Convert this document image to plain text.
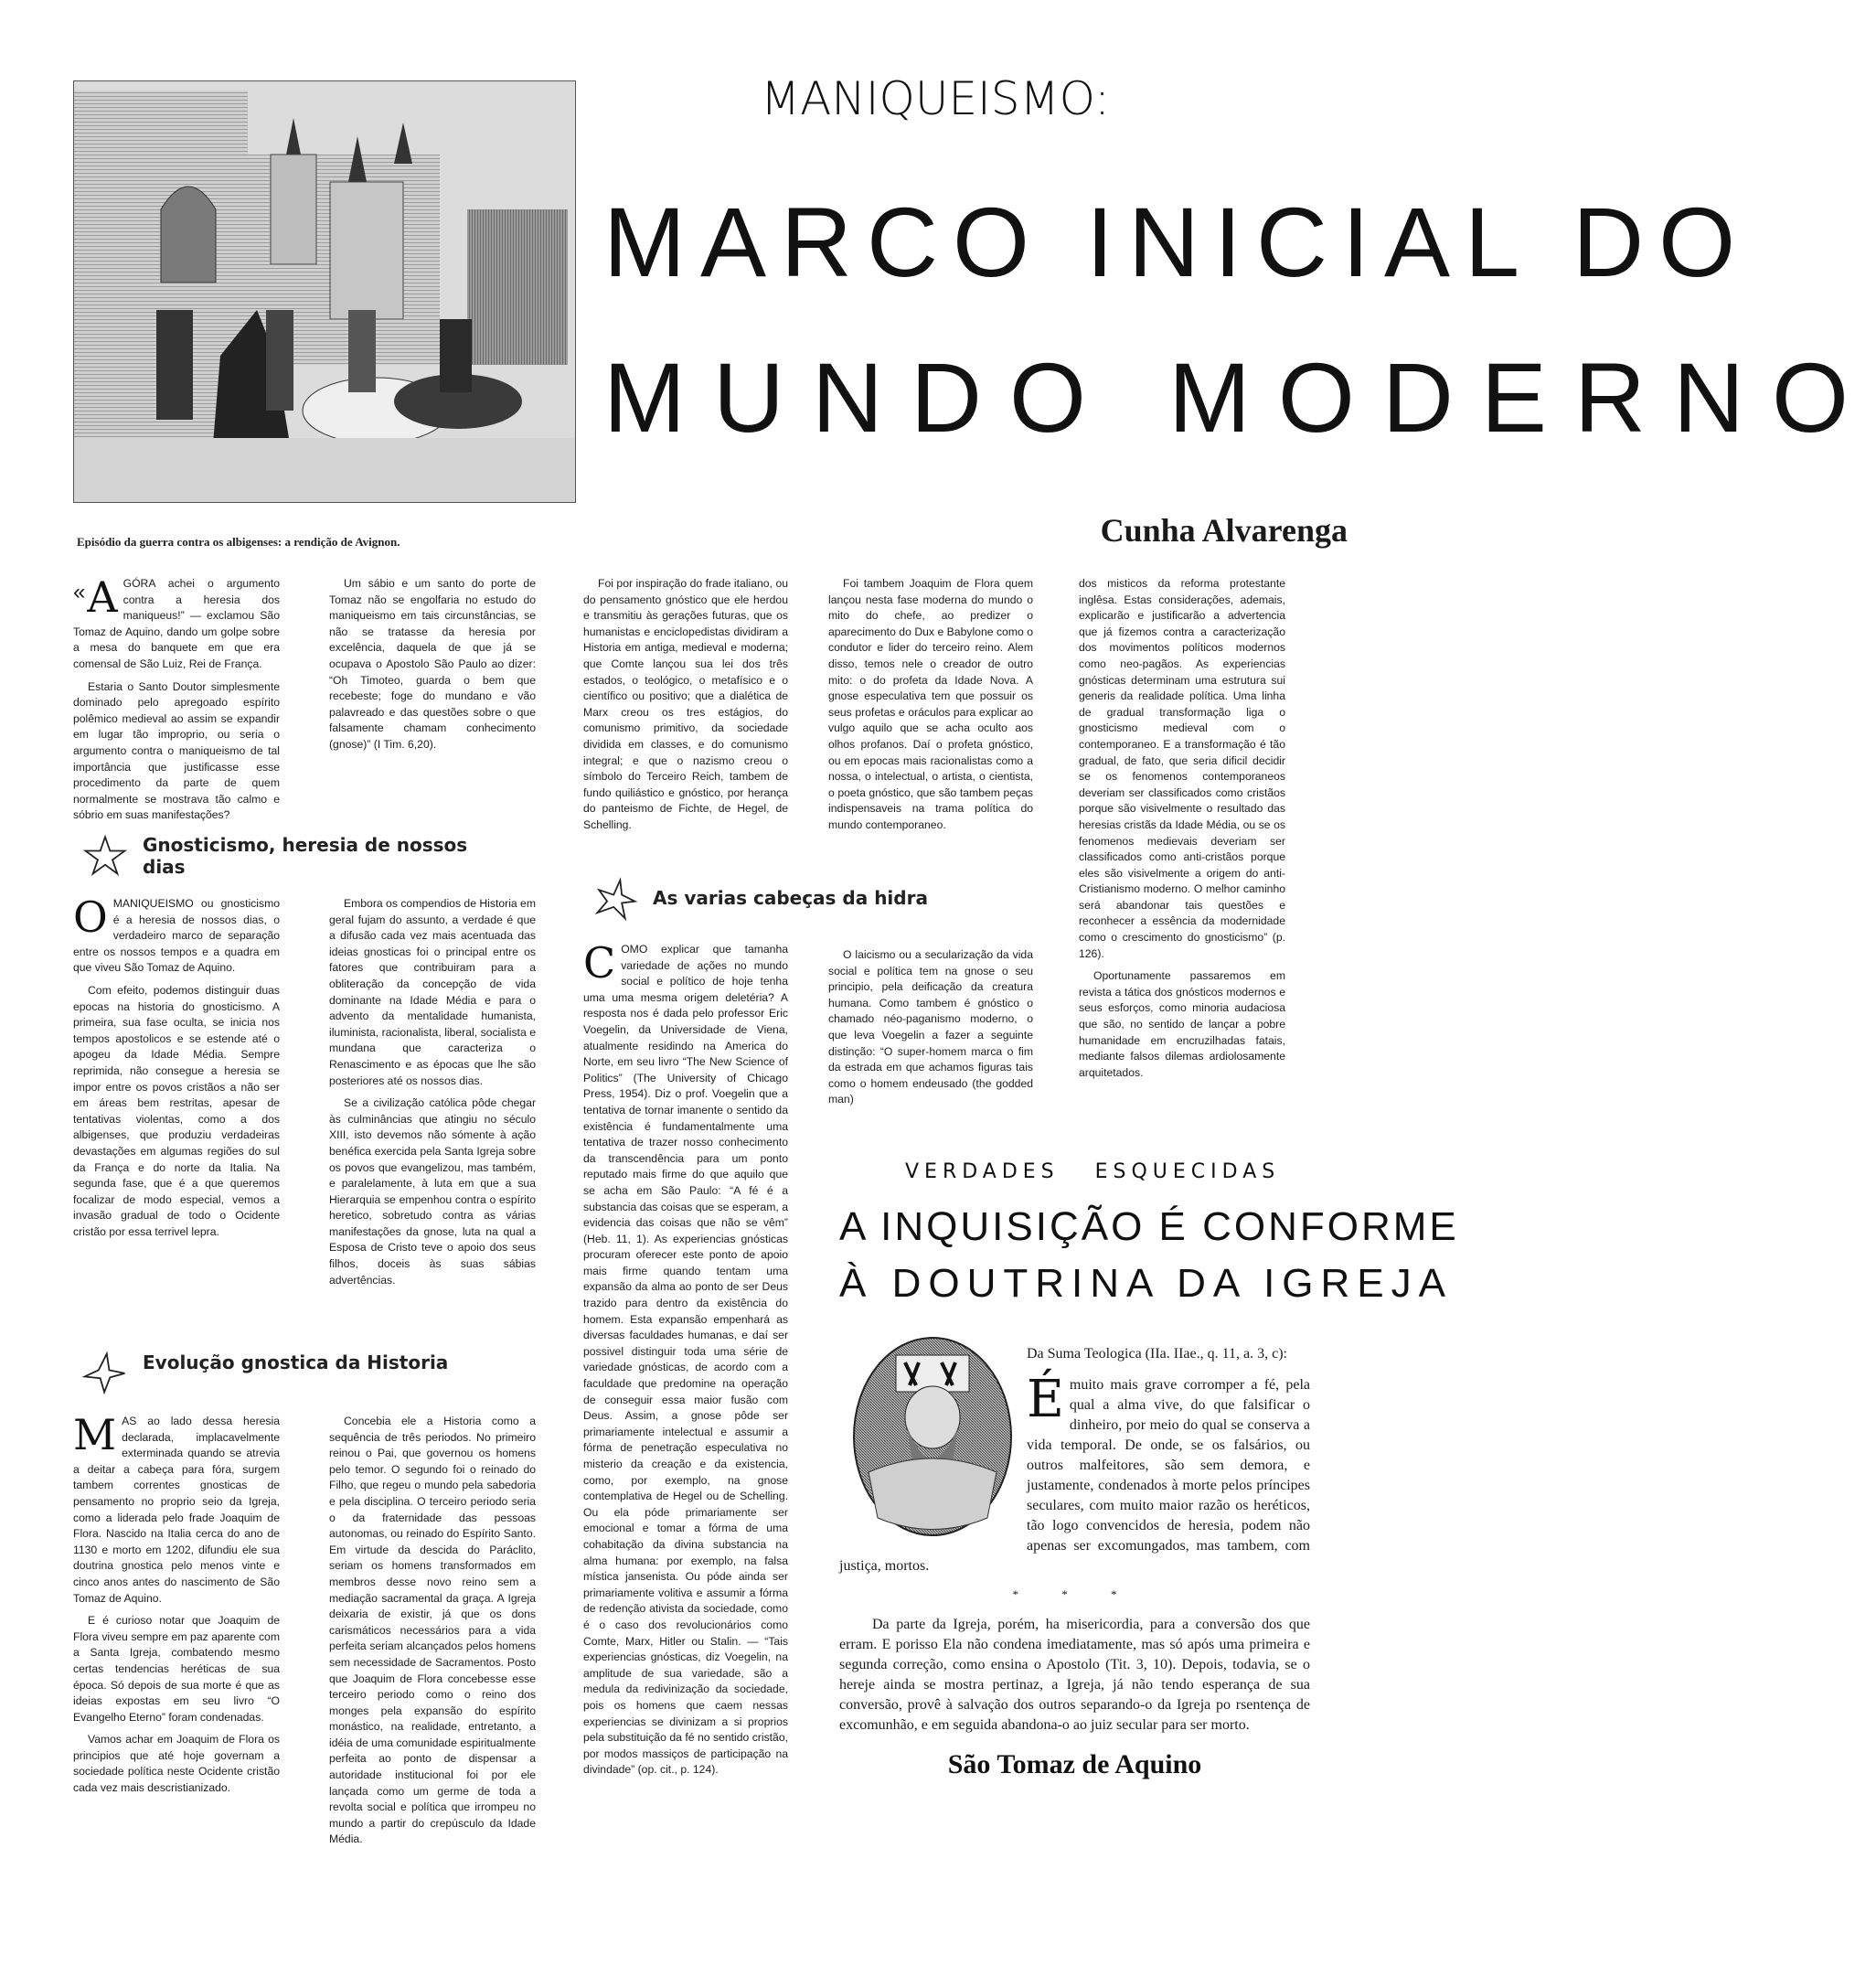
Episódio da guerra contra os albigenses: a rendição de Avignon.
MANIQUEISMO:
MARCO INICIAL DO
MUNDO MODERNO
Cunha Alvarenga

« A GÓRA achei o argumento contra a heresia dos maniqueus!” — exclamou São Tomaz de Aquino, dando um golpe sobre a mesa do banquete em que era comensal de São Luiz, Rei de França.

Estaria o Santo Doutor simplesmente dominado pelo apregoado espírito polêmico medieval ao assim se expandir em lugar tão improprio, ou seria o argumento contra o maniqueismo de tal importância que justificasse esse procedimento da parte de quem normalmente se mostrava tão calmo e sóbrio em suas manifestações?

Um sábio e um santo do porte de Tomaz não se engolfaria no estudo do maniqueismo em tais circunstâncias, se não se tratasse da heresia por excelência, daquela de que já se ocupava o Apostolo São Paulo ao dizer: “Oh Timoteo, guarda o bem que recebeste; foge do mundano e vão palavreado e das questões sobre o que falsamente chamam conhecimento (gnose)” (I Tim. 6,20).

Gnosticismo, heresia de nossos dias

OMANIQUEISMO ou gnosticismo é a heresia de nossos dias, o verdadeiro marco de separação entre os nossos tempos e a quadra em que viveu São Tomaz de Aquino.

Com efeito, podemos distinguir duas epocas na historia do gnosticismo. A primeira, sua fase oculta, se inicia nos tempos apostolicos e se estende até o apogeu da Idade Média. Sempre reprimida, não consegue a heresia se impor entre os povos cristãos a não ser em áreas bem restritas, apesar de tentativas violentas, como a dos albigenses, que produziu verdadeiras devastações em algumas regiões do sul da França e do norte da Italia. Na segunda fase, que é a que queremos focalizar de modo especial, vemos a invasão gradual de todo o Ocidente cristão por essa terrivel lepra.

Embora os compendios de Historia em geral fujam do assunto, a verdade é que a difusão cada vez mais acentuada das ideias gnosticas foi o principal entre os fatores que contribuiram para a obliteração da concepção de vida dominante na Idade Média e para o advento da mentalidade humanista, iluminista, racionalista, liberal, socialista e mundana que caracteriza o Renascimento e as épocas que lhe são posteriores até os nossos dias.

Se a civilização católica pôde chegar às culminâncias que atingiu no século XIII, isto devemos não sómente à ação benéfica exercida pela Santa Igreja sobre os povos que evangelizou, mas também, e paralelamente, à luta em que a sua Hierarquia se empenhou contra o espírito heretico, sobretudo contra as várias manifestações da gnose, luta na qual a Esposa de Cristo teve o apoio dos seus filhos, doceis às suas sábias advertências.

Evolução gnostica da Historia

MAS ao lado dessa heresia declarada, implacavelmente exterminada quando se atrevia a deitar a cabeça para fóra, surgem tambem correntes gnosticas de pensamento no proprio seio da Igreja, como a liderada pelo frade Joaquim de Flora. Nascido na Italia cerca do ano de 1130 e morto em 1202, difundiu ele sua doutrina gnostica pelo menos vinte e cinco anos antes do nascimento de São Tomaz de Aquino.

E é curioso notar que Joaquim de Flora viveu sempre em paz aparente com a Santa Igreja, combatendo mesmo certas tendencias heréticas de sua época. Só depois de sua morte é que as ideias expostas em seu livro “O Evangelho Eterno” foram condenadas.

Vamos achar em Joaquim de Flora os principios que até hoje governam a sociedade política neste Ocidente cristão cada vez mais descristianizado.

Concebia ele a Historia como a sequência de três periodos. No primeiro reinou o Pai, que governou os homens pelo temor. O segundo foi o reinado do Filho, que regeu o mundo pela sabedoria e pela disciplina. O terceiro periodo seria o da fraternidade das pessoas autonomas, ou reinado do Espírito Santo. Em virtude da descida do Paráclito, seriam os homens transformados em membros desse novo reino sem a mediação sacramental da graça. A Igreja deixaria de existir, já que os dons carismáticos necessários para a vida perfeita seriam alcançados pelos homens sem necessidade de Sacramentos. Posto que Joaquim de Flora concebesse esse terceiro periodo como o reino dos monges pela expansão do espírito monástico, na realidade, entretanto, a idéia de uma comunidade espiritualmente perfeita ao ponto de dispensar a autoridade institucional foi por ele lançada como um germe de toda a revolta social e política que irrompeu no mundo a partir do crepúsculo da Idade Média.

Foi por inspiração do frade italiano, ou do pensamento gnóstico que ele herdou e transmitiu às gerações futuras, que os humanistas e enciclopedistas dividiram a Historia em antiga, medieval e moderna; que Comte lançou sua lei dos três estados, o teológico, o metafísico e o científico ou positivo; que a dialética de Marx creou os tres estágios, do comunismo primitivo, da sociedade dividida em classes, e do comunismo integral; e que o nazismo creou o símbolo do Terceiro Reich, tambem de fundo quiliástico e gnóstico, por herança do panteismo de Fichte, de Hegel, de Schelling.

Foi tambem Joaquim de Flora quem lançou nesta fase moderna do mundo o mito do chefe, ao predizer o aparecimento do Dux e Babylone como o condutor e lider do terceiro reino. Alem disso, temos nele o creador de outro mito: o do profeta da Idade Nova. A gnose especulativa tem que possuir os seus profetas e oráculos para explicar ao vulgo aquilo que se acha oculto aos olhos profanos. Daí o profeta gnóstico, ou em epocas mais racionalistas como a nossa, o intelectual, o artista, o cientista, o poeta gnóstico, que são tambem peças indispensaveis na trama política do mundo contemporaneo.

As varias cabeças da hidra

COMO explicar que tamanha variedade de ações no mundo social e político de hoje tenha uma uma mesma origem deletéria? A resposta nos é dada pelo professor Eric Voegelin, da Universidade de Viena, atualmente residindo na America do Norte, em seu livro “The New Science of Politics” (The University of Chicago Press, 1954). Diz o prof. Voegelin que a tentativa de tornar imanente o sentido da existência é fundamentalmente uma tentativa de trazer nosso conhecimento da transcendência para um ponto reputado mais firme do que aquilo que se acha em São Paulo: “A fé é a substancia das coisas que se esperam, a evidencia das coisas que não se vêm” (Heb. 11, 1). As experiencias gnósticas procuram oferecer este ponto de apoio mais firme quando tentam uma expansão da alma ao ponto de ser Deus trazido para dentro da existência do homem. Esta expansão empenhará as diversas faculdades humanas, e daí ser possivel distinguir toda uma série de variedade gnósticas, de acordo com a faculdade que predomine na operação de conseguir essa maior fusão com Deus. Assim, a gnose pôde ser primariamente intelectual e assumir a fórma de penetração especulativa no misterio da creação e da existencia, como, por exemplo, na gnose contemplativa de Hegel ou de Schelling. Ou ela póde primariamente ser emocional e tomar a fórma de uma cohabitação da divina substancia na alma humana: por exemplo, na falsa mística jansenista. Ou póde ainda ser primariamente volitiva e assumir a fórma de redenção ativista da sociedade, como é o caso dos revolucionários como Comte, Marx, Hitler ou Stalin. — “Tais experiencias gnósticas, diz Voegelin, na amplitude de sua variedade, são a medula da redivinização da sociedade, pois os homens que caem nessas experiencias se divinizam a si proprios pela substituição da fé no sentido cristão, por modos massiços de participação na divindade” (op. cit., p. 124).

O laicismo ou a secularização da vida social e política tem na gnose o seu principio, pela deificação da creatura humana. Como tambem é gnóstico o chamado néo-paganismo moderno, o que leva Voegelin a fazer a seguinte distinção: “O super-homem marca o fim da estrada em que achamos figuras tais como o homem endeusado (the godded man)

dos misticos da reforma protestante inglêsa. Estas considerações, ademais, explicarão e justificarão a advertencia que já fizemos contra a caracterização dos movimentos políticos modernos como neo-pagãos. As experiencias gnósticas determinam uma estrutura sui generis da realidade política. Uma linha de gradual transformação liga o gnosticismo medieval com o contemporaneo. E a transformação é tão gradual, de fato, que seria dificil decidir se os fenomenos contemporaneos deveriam ser classificados como cristãos porque são visivelmente o resultado das heresias cristãs da Idade Média, ou se os fenomenos medievais deveriam ser classificados como anti-cristãos porque eles são visivelmente a origem do anti-Cristianismo moderno. O melhor caminho será abandonar tais questões e reconhecer a essência da modernidade como o crescimento do gnosticismo” (p. 126).

Oportunamente passaremos em revista a tática dos gnósticos modernos e seus esforços, como minoria audaciosa que são, no sentido de lançar a pobre humanidade em encruzilhadas fatais, mediante falsos dilemas ardiolosamente arquitetados.

VERDADES   ESQUECIDAS
A INQUISIÇÃO É CONFORME
À DOUTRINA DA IGREJA

Da Suma Teologica (IIa. IIae., q. 11, a. 3, c):
É muito mais grave corromper a fé, pela qual a alma vive, do que falsificar o dinheiro, por meio do qual se conserva a vida temporal. De onde, se os falsários, ou outros malfeitores, são sem demora, e justamente, condenados à morte pelos príncipes seculares, com muito maior razão os heréticos, tão logo convencidos de heresia, podem não apenas ser excomungados, mas tambem, com justiça, mortos.

* * *

Da parte da Igreja, porém, ha misericordia, para a conversão dos que erram. E porisso Ela não condena imediatamente, mas só após uma primeira e segunda correção, como ensina o Apostolo (Tit. 3, 10). Depois, todavia, se o hereje ainda se mostra pertinaz, a Igreja, já não tendo esperança de sua conversão, provê à salvação dos outros separando-o da Igreja po rsentença de excomunhão, e em seguida abandona-o ao juiz secular para ser morto.

São Tomaz de Aquino
